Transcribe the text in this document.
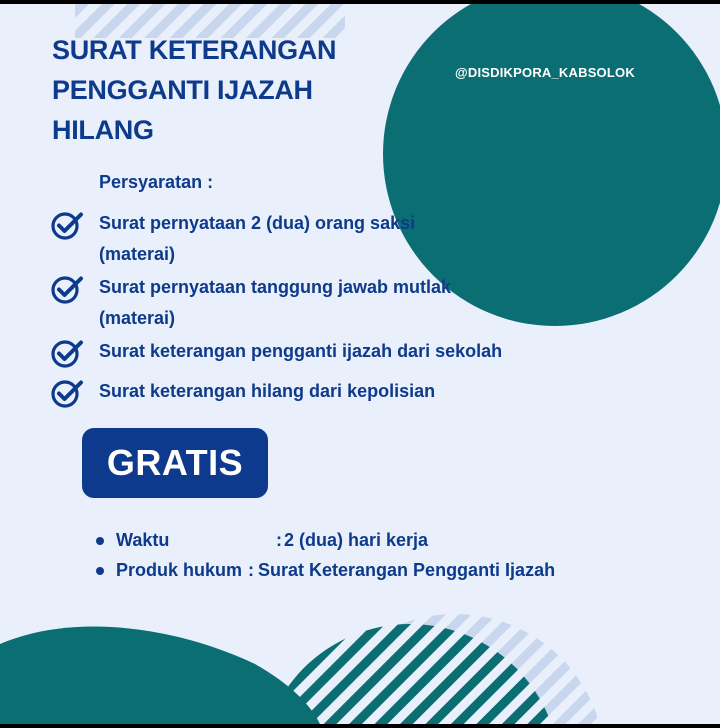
SURAT KETERANGAN
PENGGANTI IJAZAH
HILANG
@DISDIKPORA_KABSOLOK
Persyaratan :
Surat pernyataan 2 (dua) orang saksi (materai)
Surat pernyataan tanggung jawab mutlak (materai)
Surat keterangan pengganti ijazah dari sekolah
Surat keterangan hilang dari kepolisian
GRATIS
Waktu	: 2 (dua) hari kerja
Produk hukum : Surat Keterangan Pengganti Ijazah
